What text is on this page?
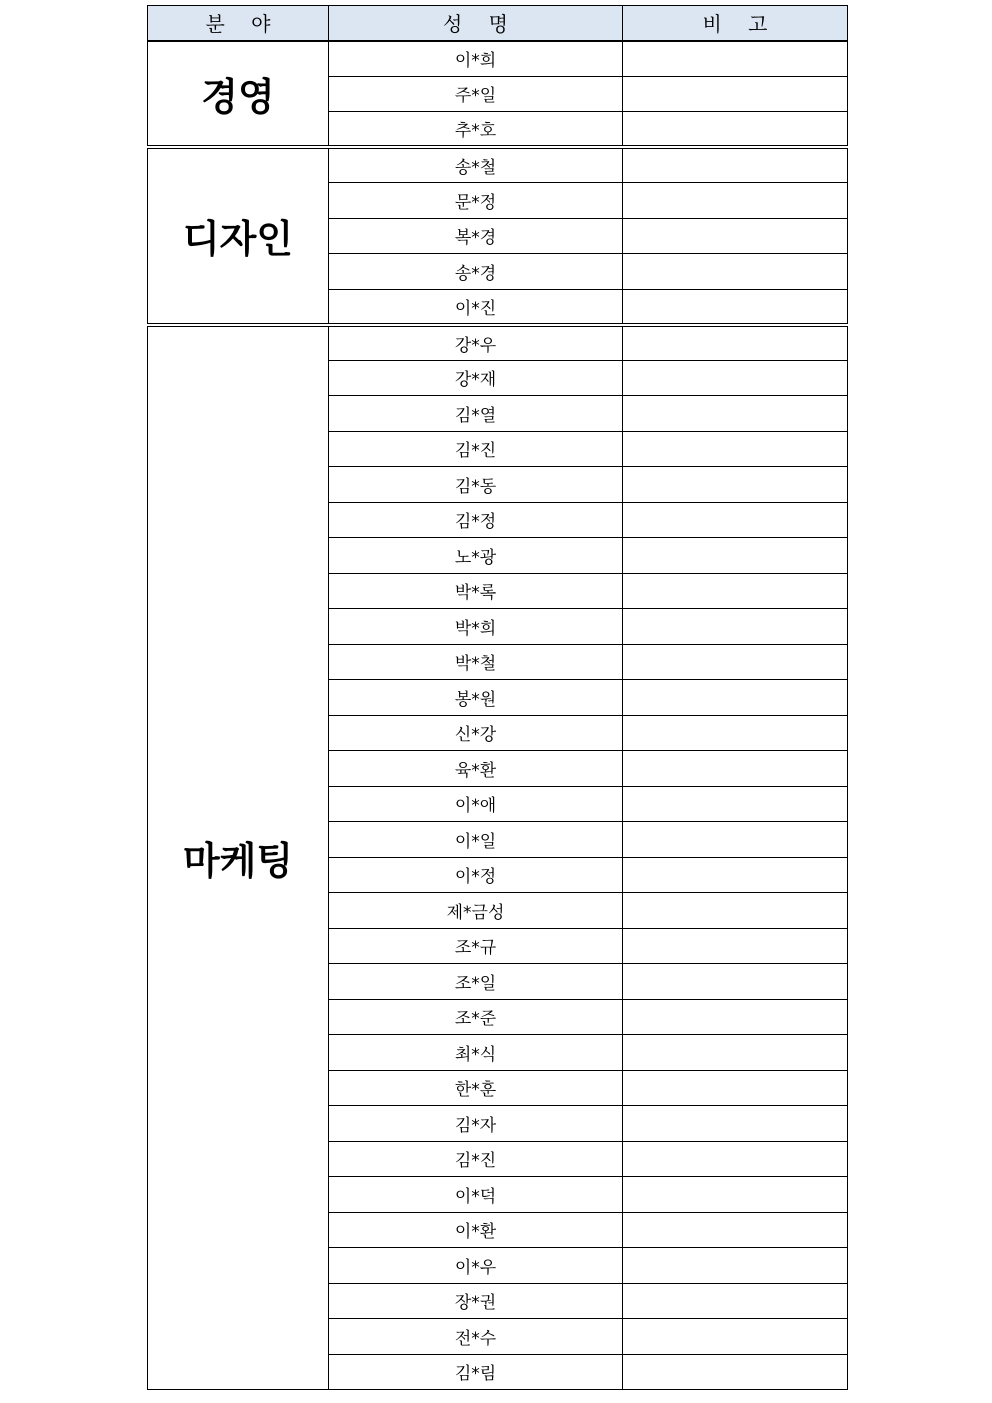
분 야	성 명	비 고
경영	이*희	
	주*일	
	추*호	
디자인	송*철	
	문*정	
	복*경	
	송*경	
	이*진	
마케팅	강*우	
	강*재	
	김*열	
	김*진	
	김*동	
	김*정	
	노*광	
	박*록	
	박*희	
	박*철	
	봉*원	
	신*강	
	육*환	
	이*애	
	이*일	
	이*정	
	제*금성	
	조*규	
	조*일	
	조*준	
	최*식	
	한*훈	
	김*자	
	김*진	
	이*덕	
	이*환	
	이*우	
	장*권	
	전*수	
	김*림	
